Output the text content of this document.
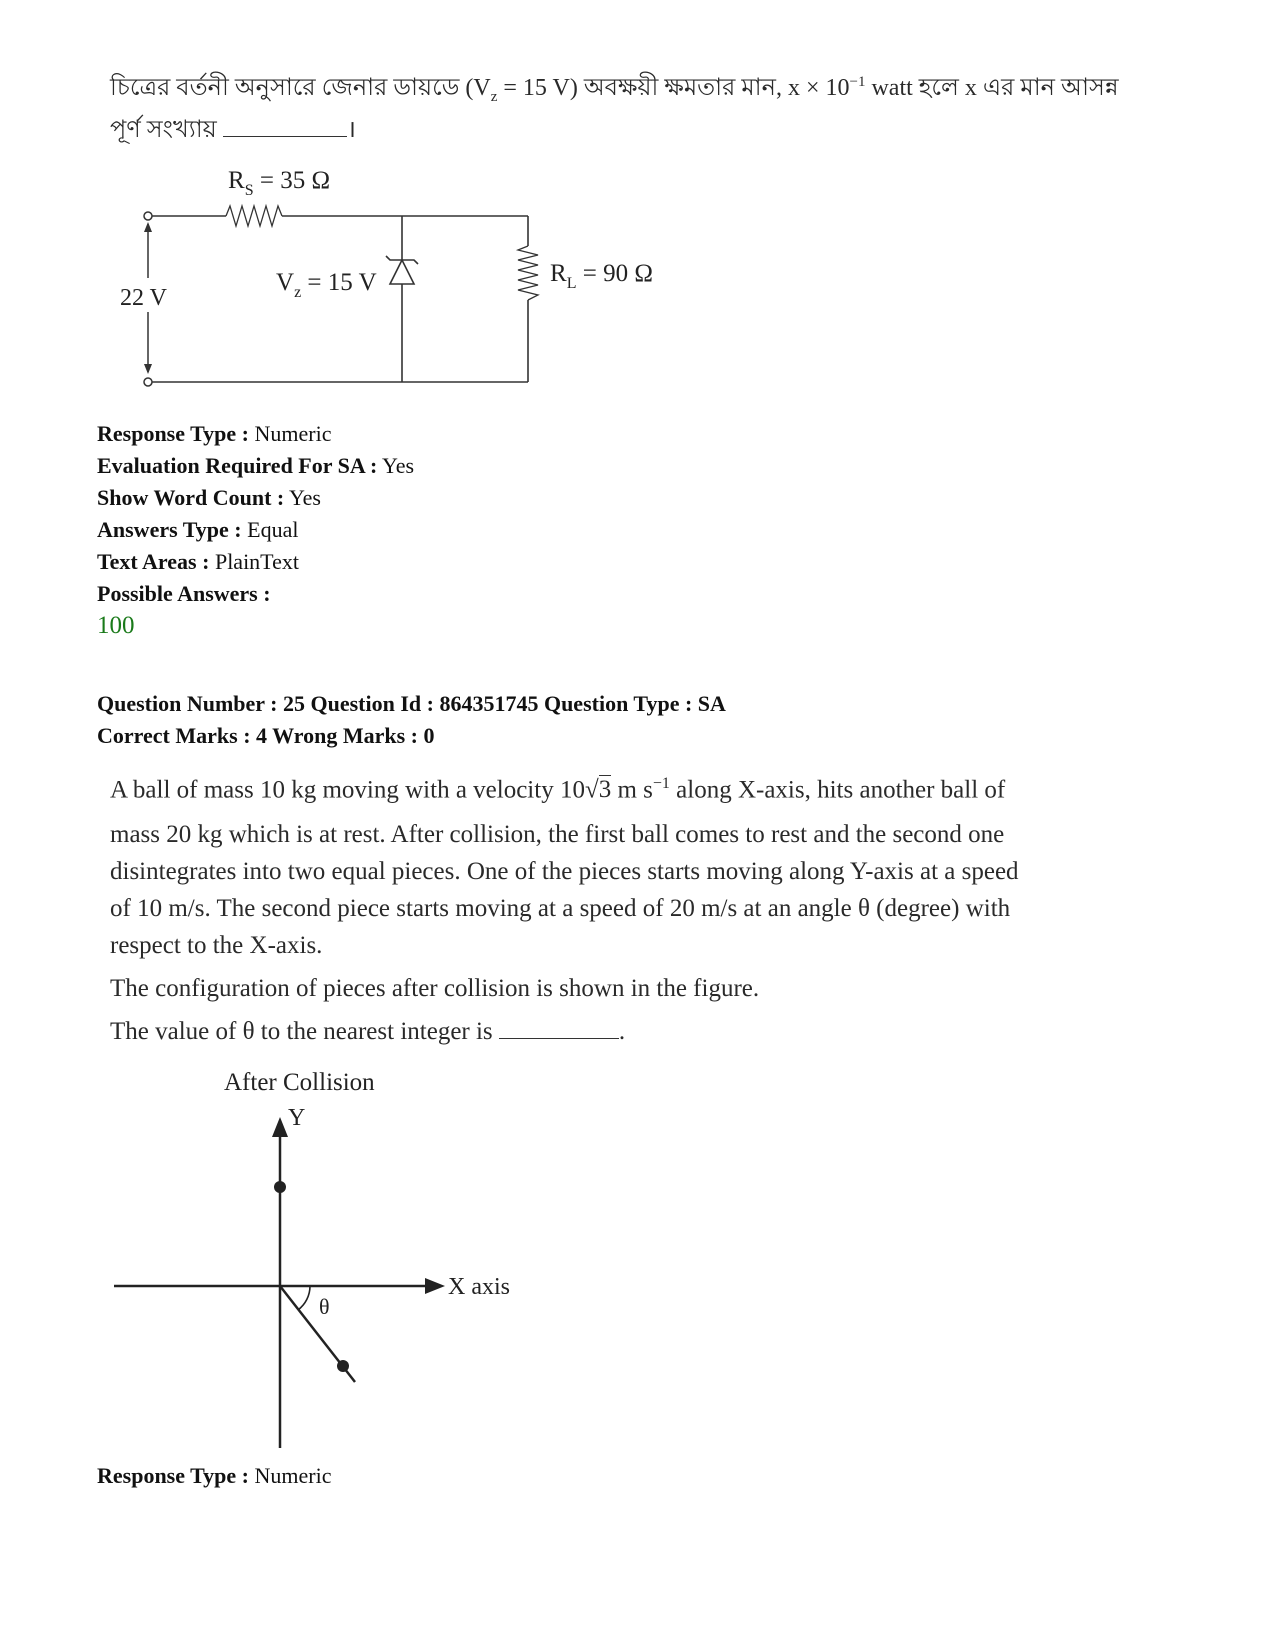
চিত্রের বর্তনী অনুসারে জেনার ডায়ডে ($V_z = 15$ V) অবক্ষয়ী ক্ষমতার মান, $x \times 10^{-1}$ watt হলে x এর মান আসন্ন
পূর্ণ সংখ্যায়	।
22 V
$R_S = 35$ Ω
$V_z = 15$ V	$R_L = 90$ Ω
Response Type : Numeric
Evaluation Required For SA : Yes
Show Word Count : Yes
Answers Type : Equal
Text Areas : PlainText
Possible Answers :
100
Question Number : 25 Question Id : 864351745 Question Type : SA
Correct Marks : 4 Wrong Marks : 0
A ball of mass 10 kg moving with a velocity 10√3 m $s^{-1}$ along X-axis, hits another ball of
mass 20 kg which is at rest. After collision, the first ball comes to rest and the second one
disintegrates into two equal pieces. One of the pieces starts moving along Y-axis at a speed
of 10 m/s. The second piece starts moving at a speed of 20 m/s at an angle θ (degree) with
respect to the X-axis.
The configuration of pieces after collision is shown in the figure.
The value of θ to the nearest integer is	.
After Collision
Y
X axis
θ
Response Type : Numeric
